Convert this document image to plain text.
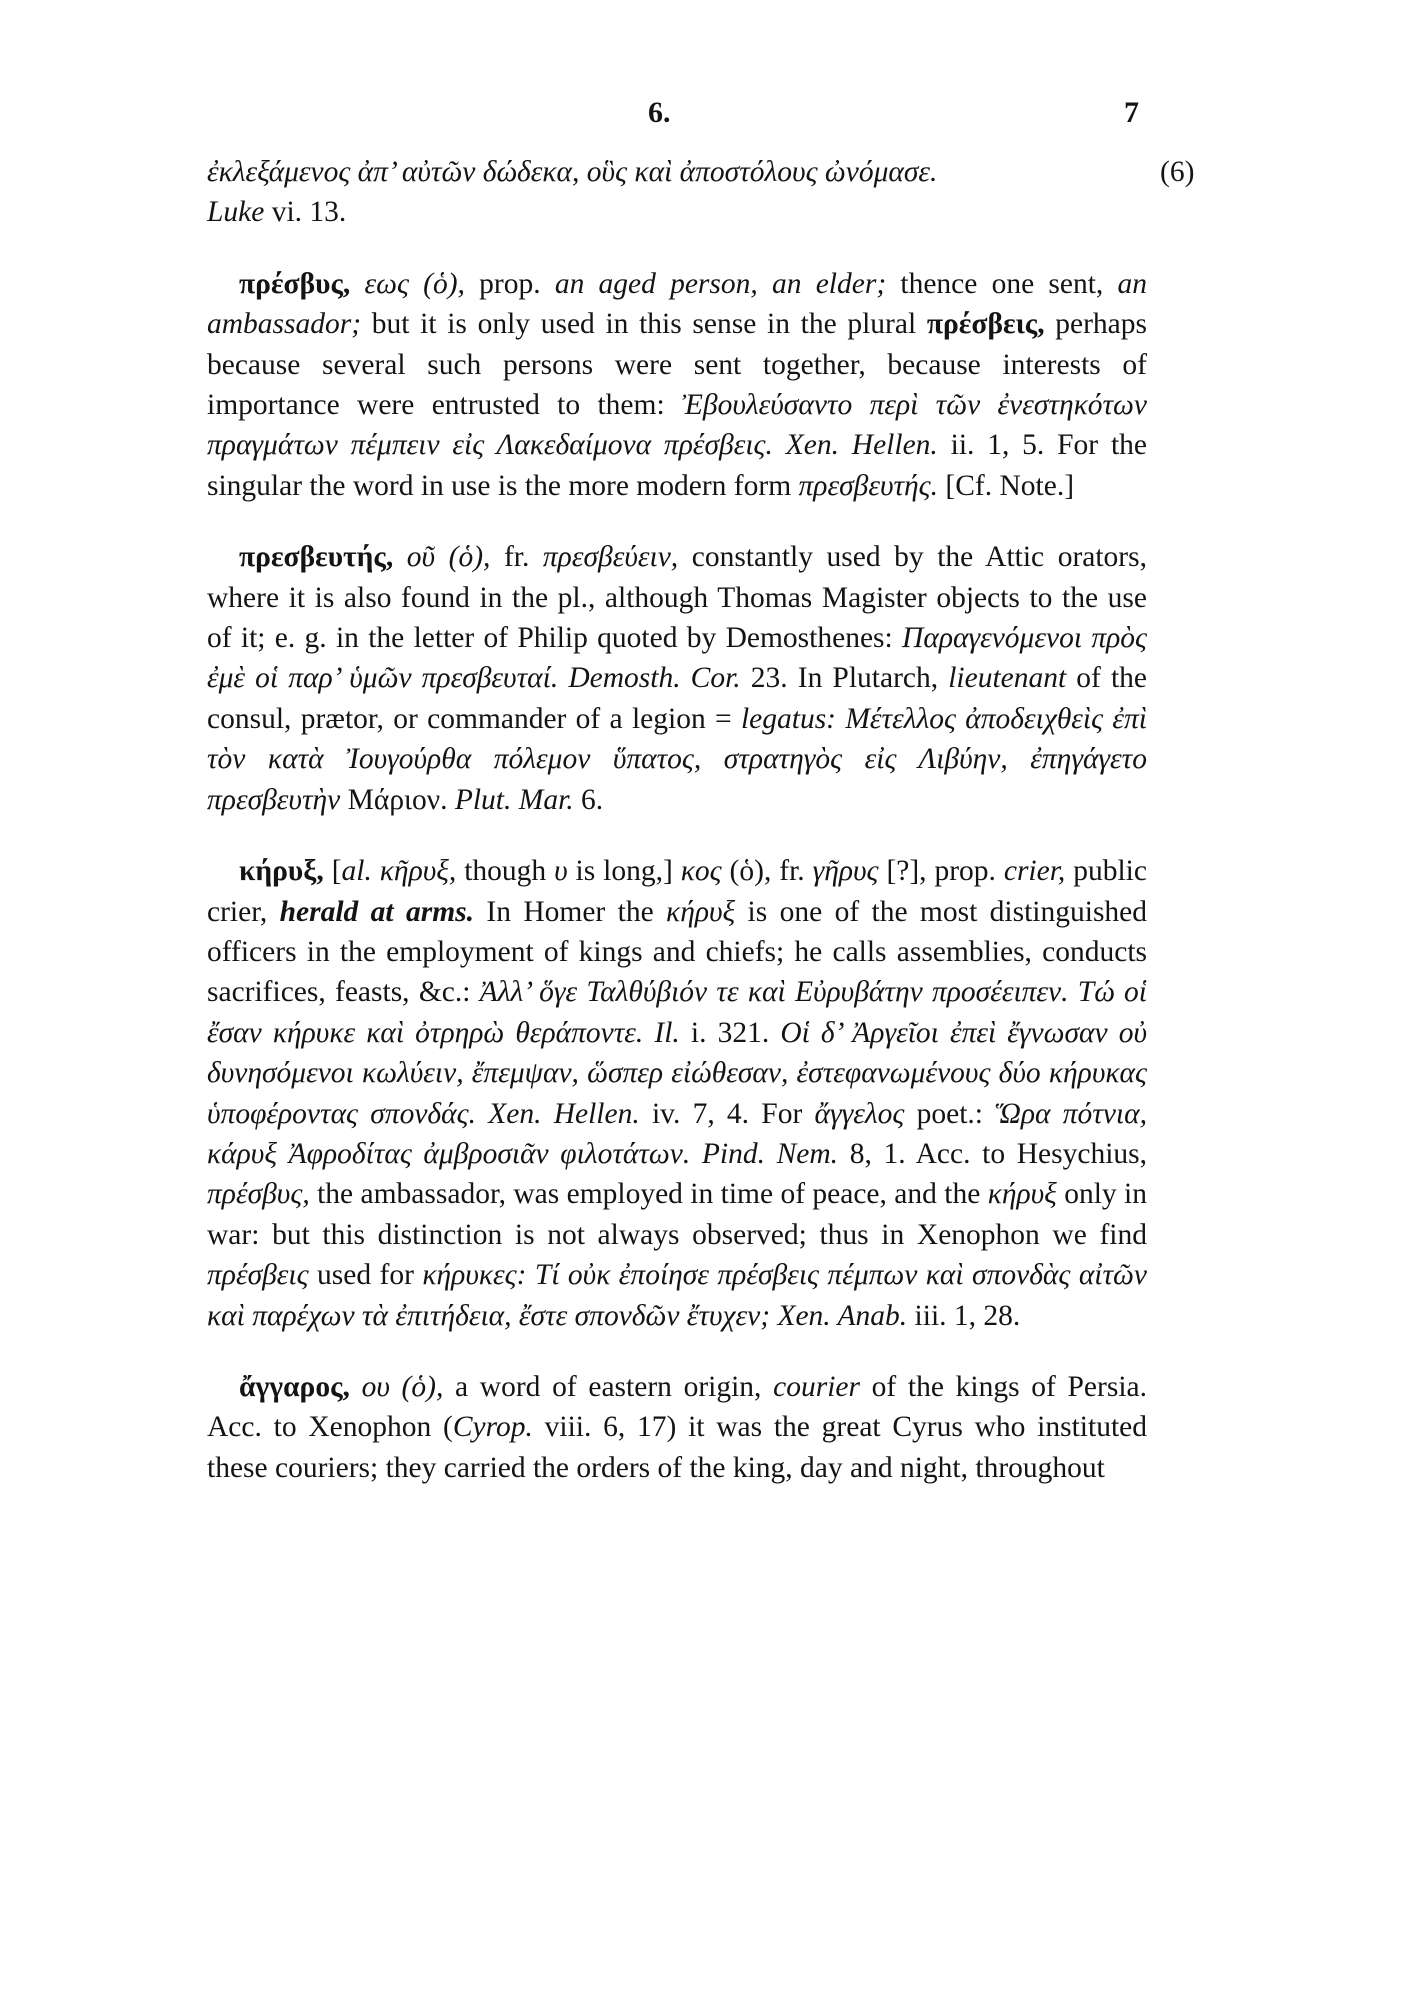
6.	7
(6)

ἐκλεξάμενος ἀπ’ αὐτῶν δώδεκα, οὓς καὶ ἀποστόλους ὠνόμασε.
Luke vi. 13.

πρέσβυς, εως (ὁ), prop. an aged person, an elder; thence one sent, an ambassador; but it is only used in this sense in the plural πρέσβεις, perhaps because several such persons were sent together, because interests of importance were entrusted to them: Ἐβουλεύσαντο περὶ τῶν ἐνεστηκότων πραγμάτων πέμπειν εἰς Λακεδαίμονα πρέσβεις. Xen. Hellen. ii. 1, 5. For the singular the word in use is the more modern form πρεσβευτής. [Cf. Note.]

πρεσβευτής, οῦ (ὁ), fr. πρεσβεύειν, constantly used by the Attic orators, where it is also found in the pl., although Thomas Magister objects to the use of it; e. g. in the letter of Philip quoted by Demosthenes: Παραγενόμενοι πρὸς ἐμὲ οἱ παρ’ ὑμῶν πρεσβευταί. Demosth. Cor. 23. In Plutarch, lieutenant of the consul, prætor, or commander of a legion = legatus: Μέτελλος ἀποδειχθεὶς ἐπὶ τὸν κατὰ Ἰουγούρθα πόλεμον ὕπατος, στρατηγὸς εἰς Λιβύην, ἐπηγάγετο πρεσβευτὴν Μάριον. Plut. Mar. 6.

κήρυξ, [al. κῆρυξ, though υ is long,] κος (ὁ), fr. γῆρυς [?], prop. crier, public crier, herald at arms. In Homer the κήρυξ is one of the most distinguished officers in the employment of kings and chiefs; he calls assemblies, conducts sacrifices, feasts, &c.: Ἀλλ’ ὅγε Ταλθύβιόν τε καὶ Εὐρυβάτην προσέειπεν. Τώ οἱ ἔσαν κήρυκε καὶ ὀτρηρὼ θεράποντε. Il. i. 321. Οἱ δ’ Ἀργεῖοι ἐπεὶ ἔγνωσαν οὐ δυνησόμενοι κωλύειν, ἔπεμψαν, ὥσπερ εἰώθεσαν, ἐστεφανωμένους δύο κήρυκας ὑποφέροντας σπονδάς. Xen. Hellen. iv. 7, 4. For ἄγγελος poet.: Ὥρα πότνια, κάρυξ Ἀφροδίτας ἀμβροσιᾶν φιλοτάτων. Pind. Nem. 8, 1. Acc. to Hesychius, πρέσβυς, the ambassador, was employed in time of peace, and the κήρυξ only in war: but this distinction is not always observed; thus in Xenophon we find πρέσβεις used for κήρυκες: Τί οὐκ ἐποίησε πρέσβεις πέμπων καὶ σπονδὰς αἰτῶν καὶ παρέχων τὰ ἐπιτήδεια, ἔστε σπονδῶν ἔτυχεν; Xen. Anab. iii. 1, 28.

ἄγγαρος, ου (ὁ), a word of eastern origin, courier of the kings of Persia. Acc. to Xenophon (Cyrop. viii. 6, 17) it was the great Cyrus who instituted these couriers; they carried the orders of the king, day and night, throughout
